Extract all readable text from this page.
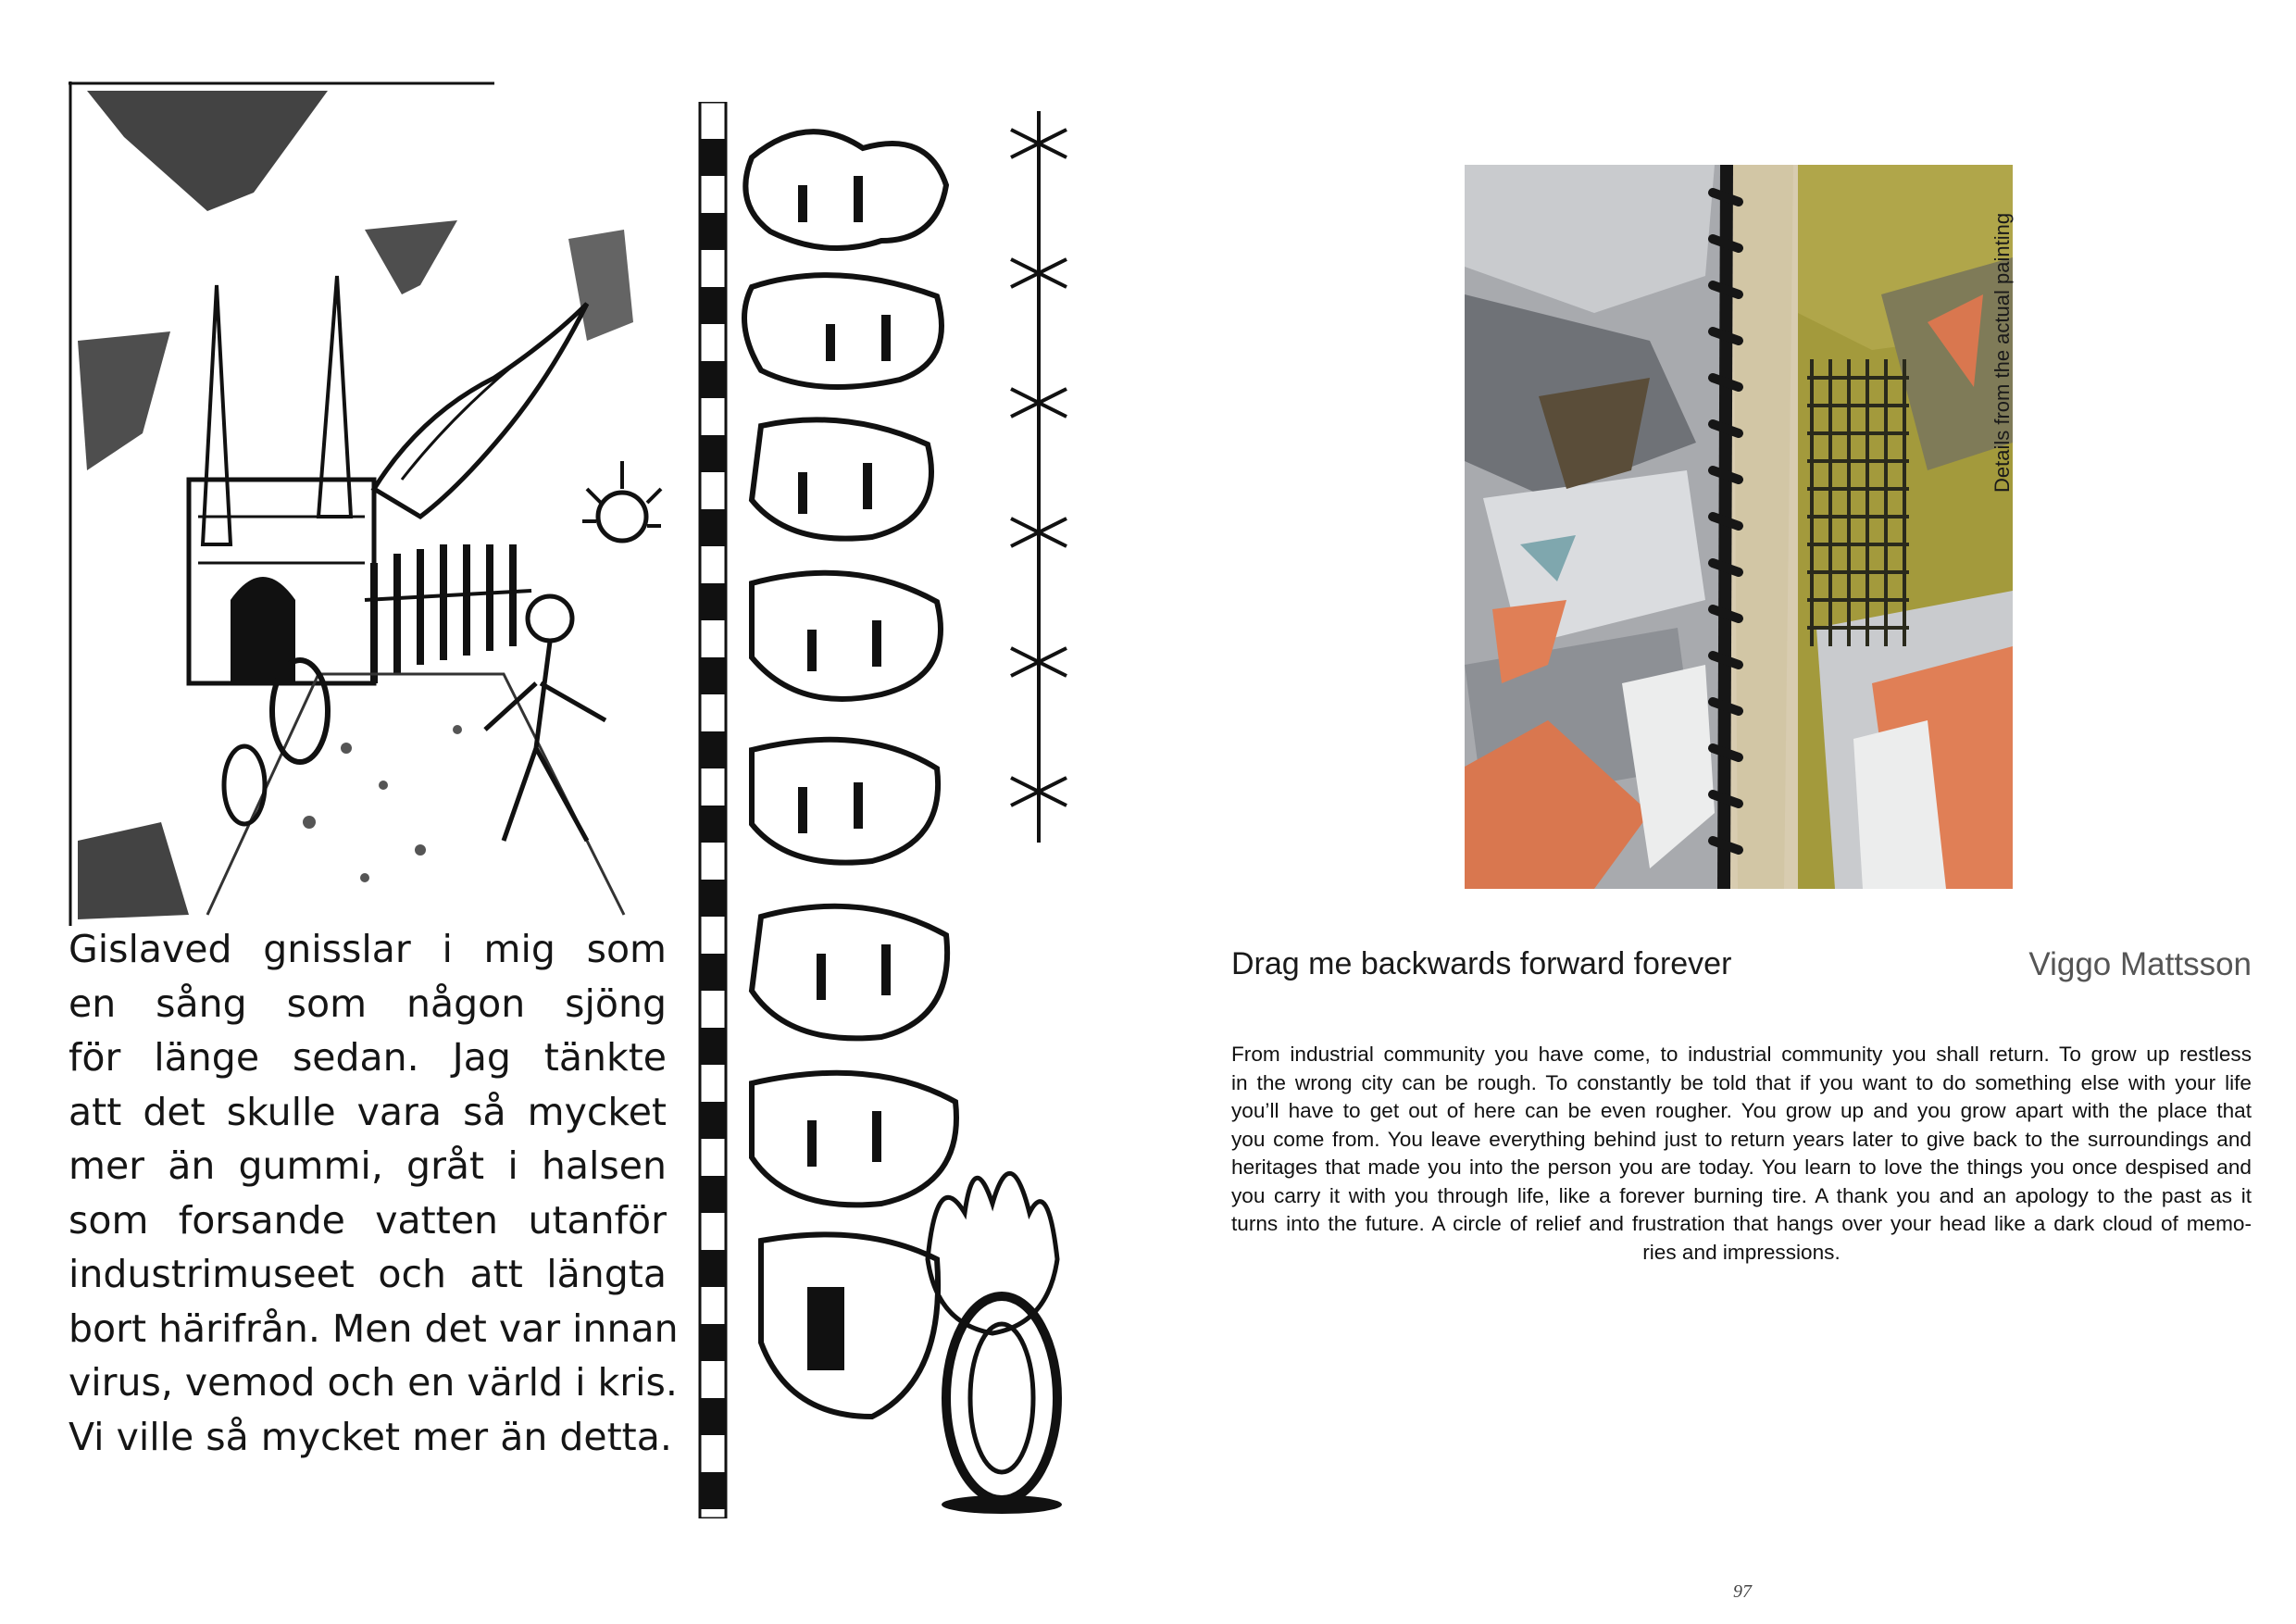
Gislaved gnisslar i mig som
en sång som någon sjöng
för länge sedan. Jag tänkte
att det skulle vara så mycket
mer än gummi, gråt i halsen
som forsande vatten utanför
industrimuseet och att längta
bort härifrån. Men det var innan
virus, vemod och en värld i kris.
Vi ville så mycket mer än detta.
Details from the actual painting
Drag me backwards forward forever	Viggo Mattsson
From industrial community you have come, to industrial community you shall return. To grow up restless
in the wrong city can be rough. To constantly be told that if you want to do something else with your life
you’ll have to get out of here can be even rougher. You grow up and you grow apart with the place that
you come from. You leave everything behind just to return years later to give back to the surroundings and
heritages that made you into the person you are today. You learn to love the things you once despised and
you carry it with you through life, like a forever burning tire. A thank you and an apology to the past as it
turns into the future. A circle of relief and frustration that hangs over your head like a dark cloud of memo-
ries and impressions.
97
